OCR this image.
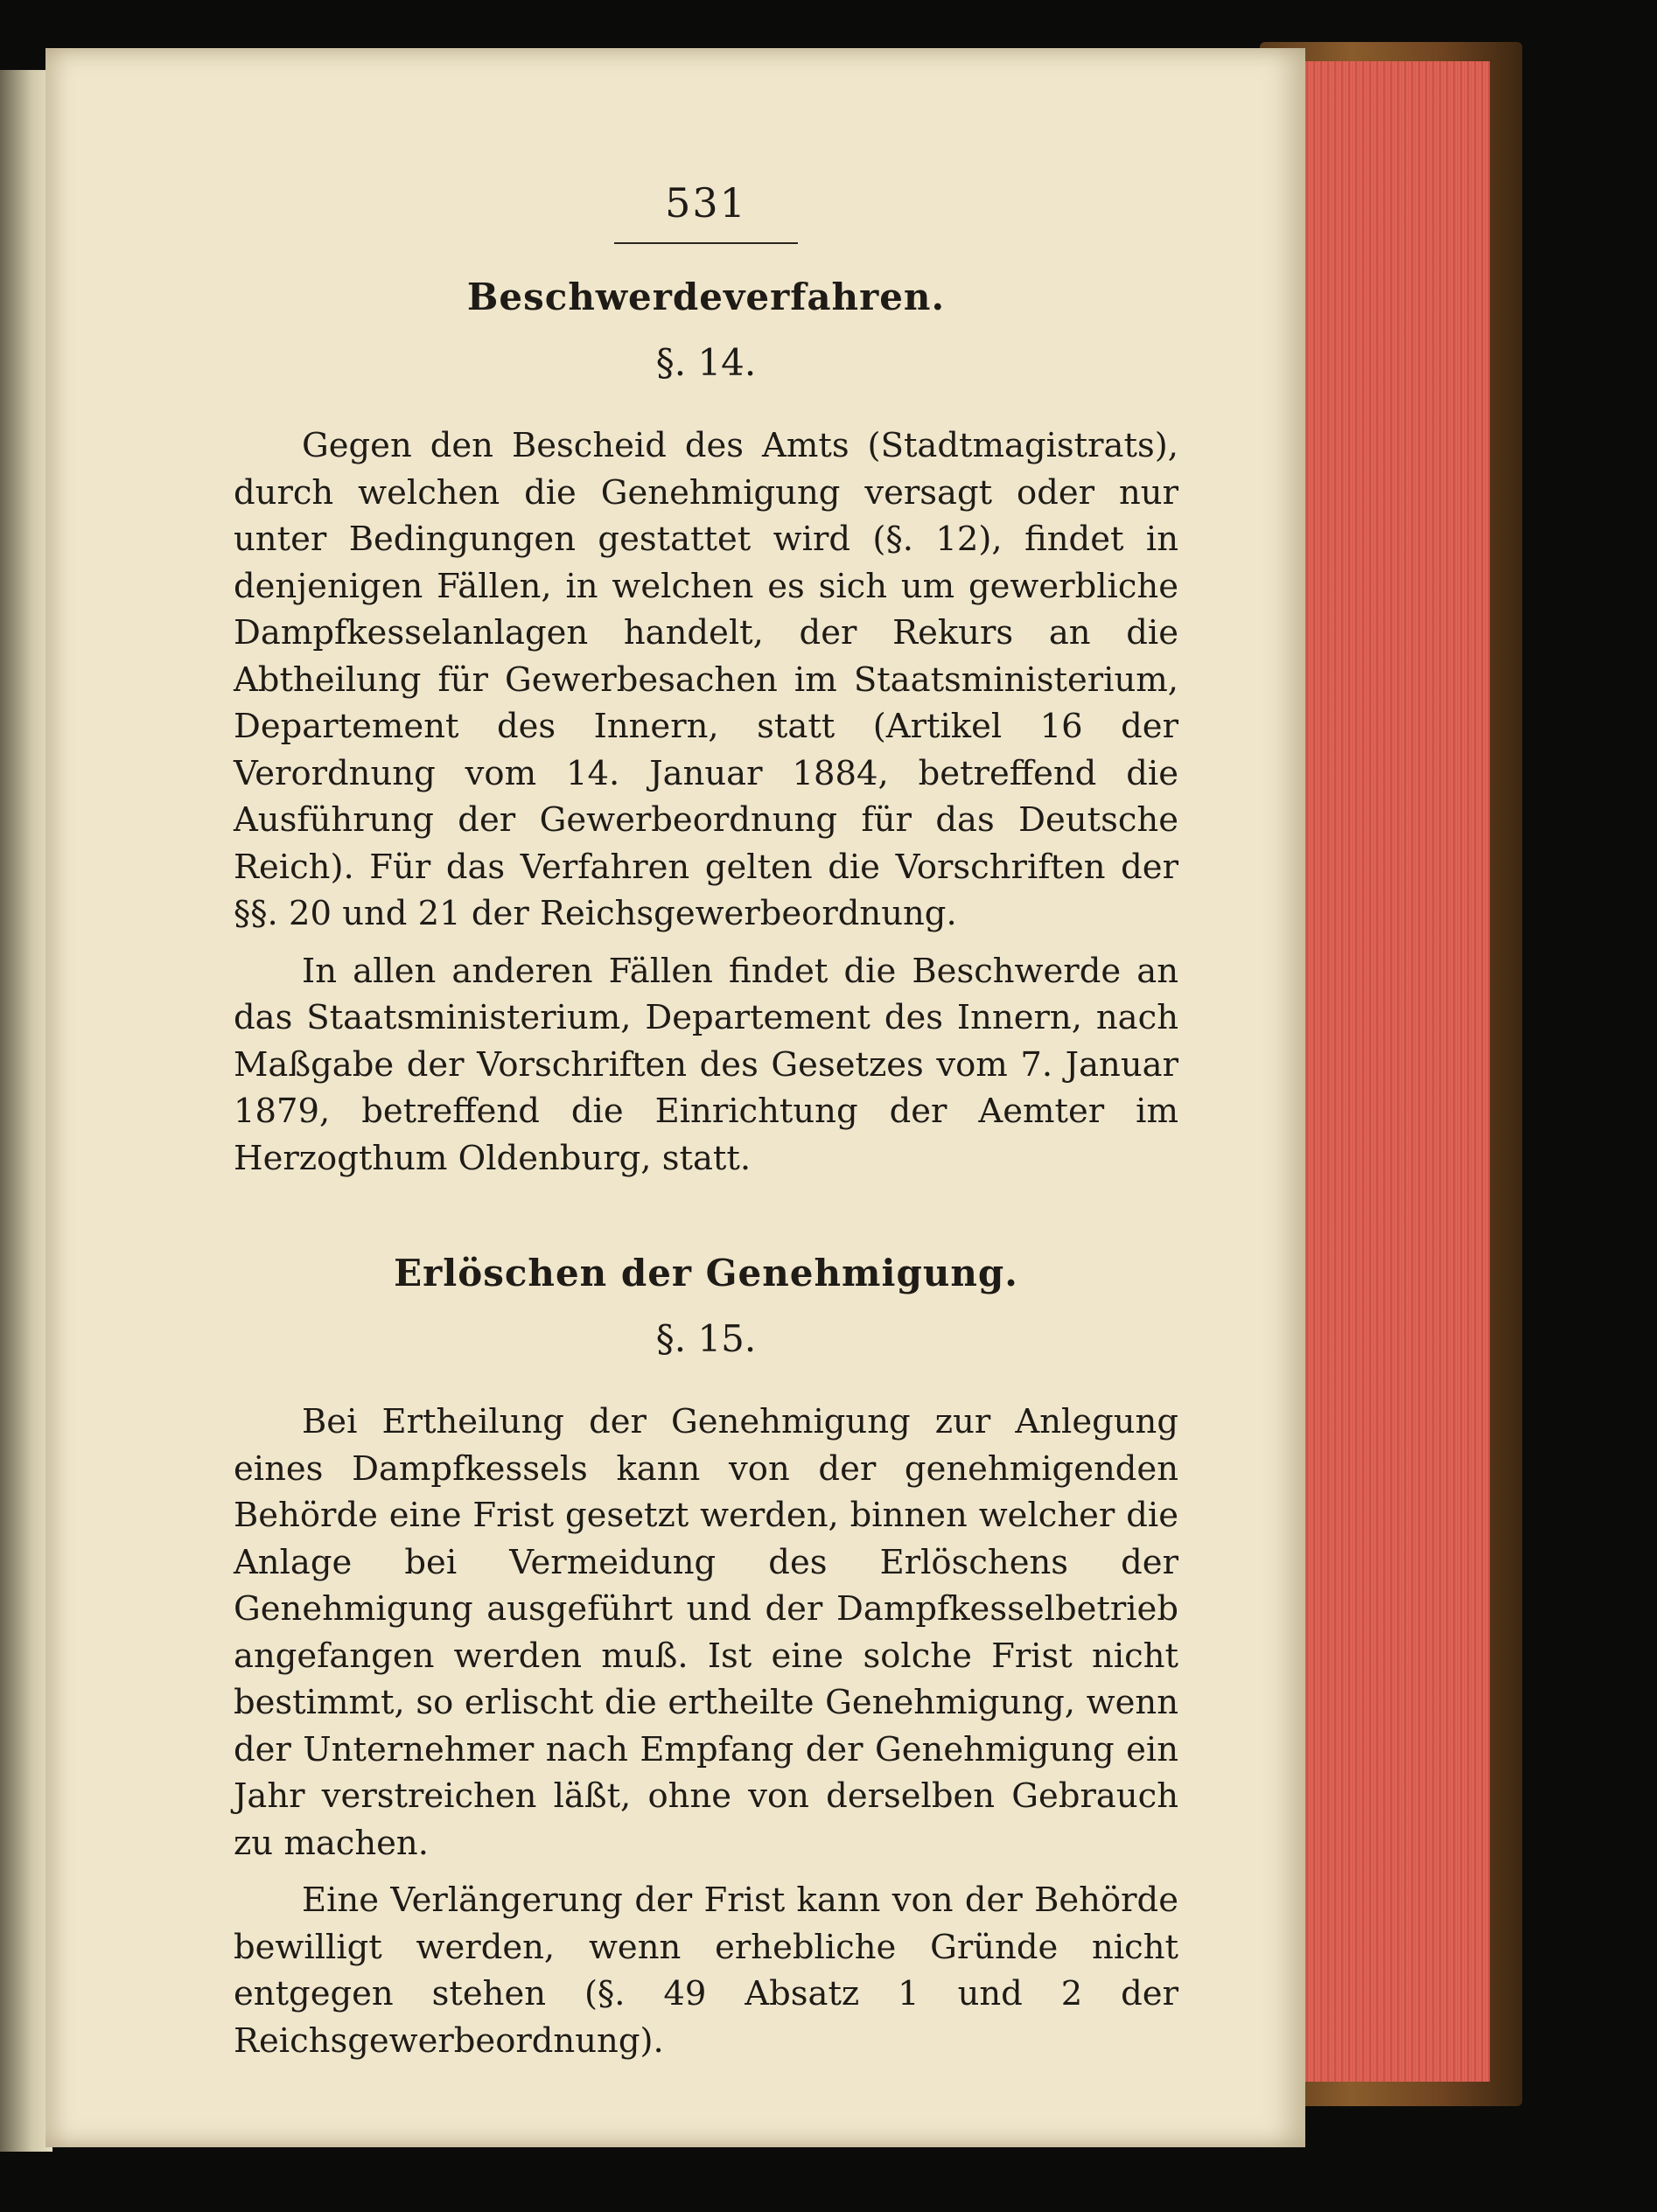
531
Beschwerdeverfahren.
§. 14.

Gegen den Bescheid des Amts (Stadtmagistrats), durch welchen die Genehmigung versagt oder nur unter Bedingungen gestattet wird (§. 12), findet in denjenigen Fällen, in welchen es sich um gewerbliche Dampfkesselanlagen handelt, der Rekurs an die Abtheilung für Gewerbesachen im Staatsministerium, Departement des Innern, statt (Artikel 16 der Verordnung vom 14. Januar 1884, betreffend die Ausführung der Gewerbeordnung für das Deutsche Reich). Für das Verfahren gelten die Vorschriften der §§. 20 und 21 der Reichsgewerbeordnung.

In allen anderen Fällen findet die Beschwerde an das Staatsministerium, Departement des Innern, nach Maßgabe der Vorschriften des Gesetzes vom 7. Januar 1879, betreffend die Einrichtung der Aemter im Herzogthum Oldenburg, statt.

Erlöschen der Genehmigung.
§. 15.

Bei Ertheilung der Genehmigung zur Anlegung eines Dampfkessels kann von der genehmigenden Behörde eine Frist gesetzt werden, binnen welcher die Anlage bei Vermeidung des Erlöschens der Genehmigung ausgeführt und der Dampfkesselbetrieb angefangen werden muß. Ist eine solche Frist nicht bestimmt, so erlischt die ertheilte Genehmigung, wenn der Unternehmer nach Empfang der Genehmigung ein Jahr verstreichen läßt, ohne von derselben Gebrauch zu machen.

Eine Verlängerung der Frist kann von der Behörde bewilligt werden, wenn erhebliche Gründe nicht entgegen stehen (§. 49 Absatz 1 und 2 der Reichsgewerbeordnung).
